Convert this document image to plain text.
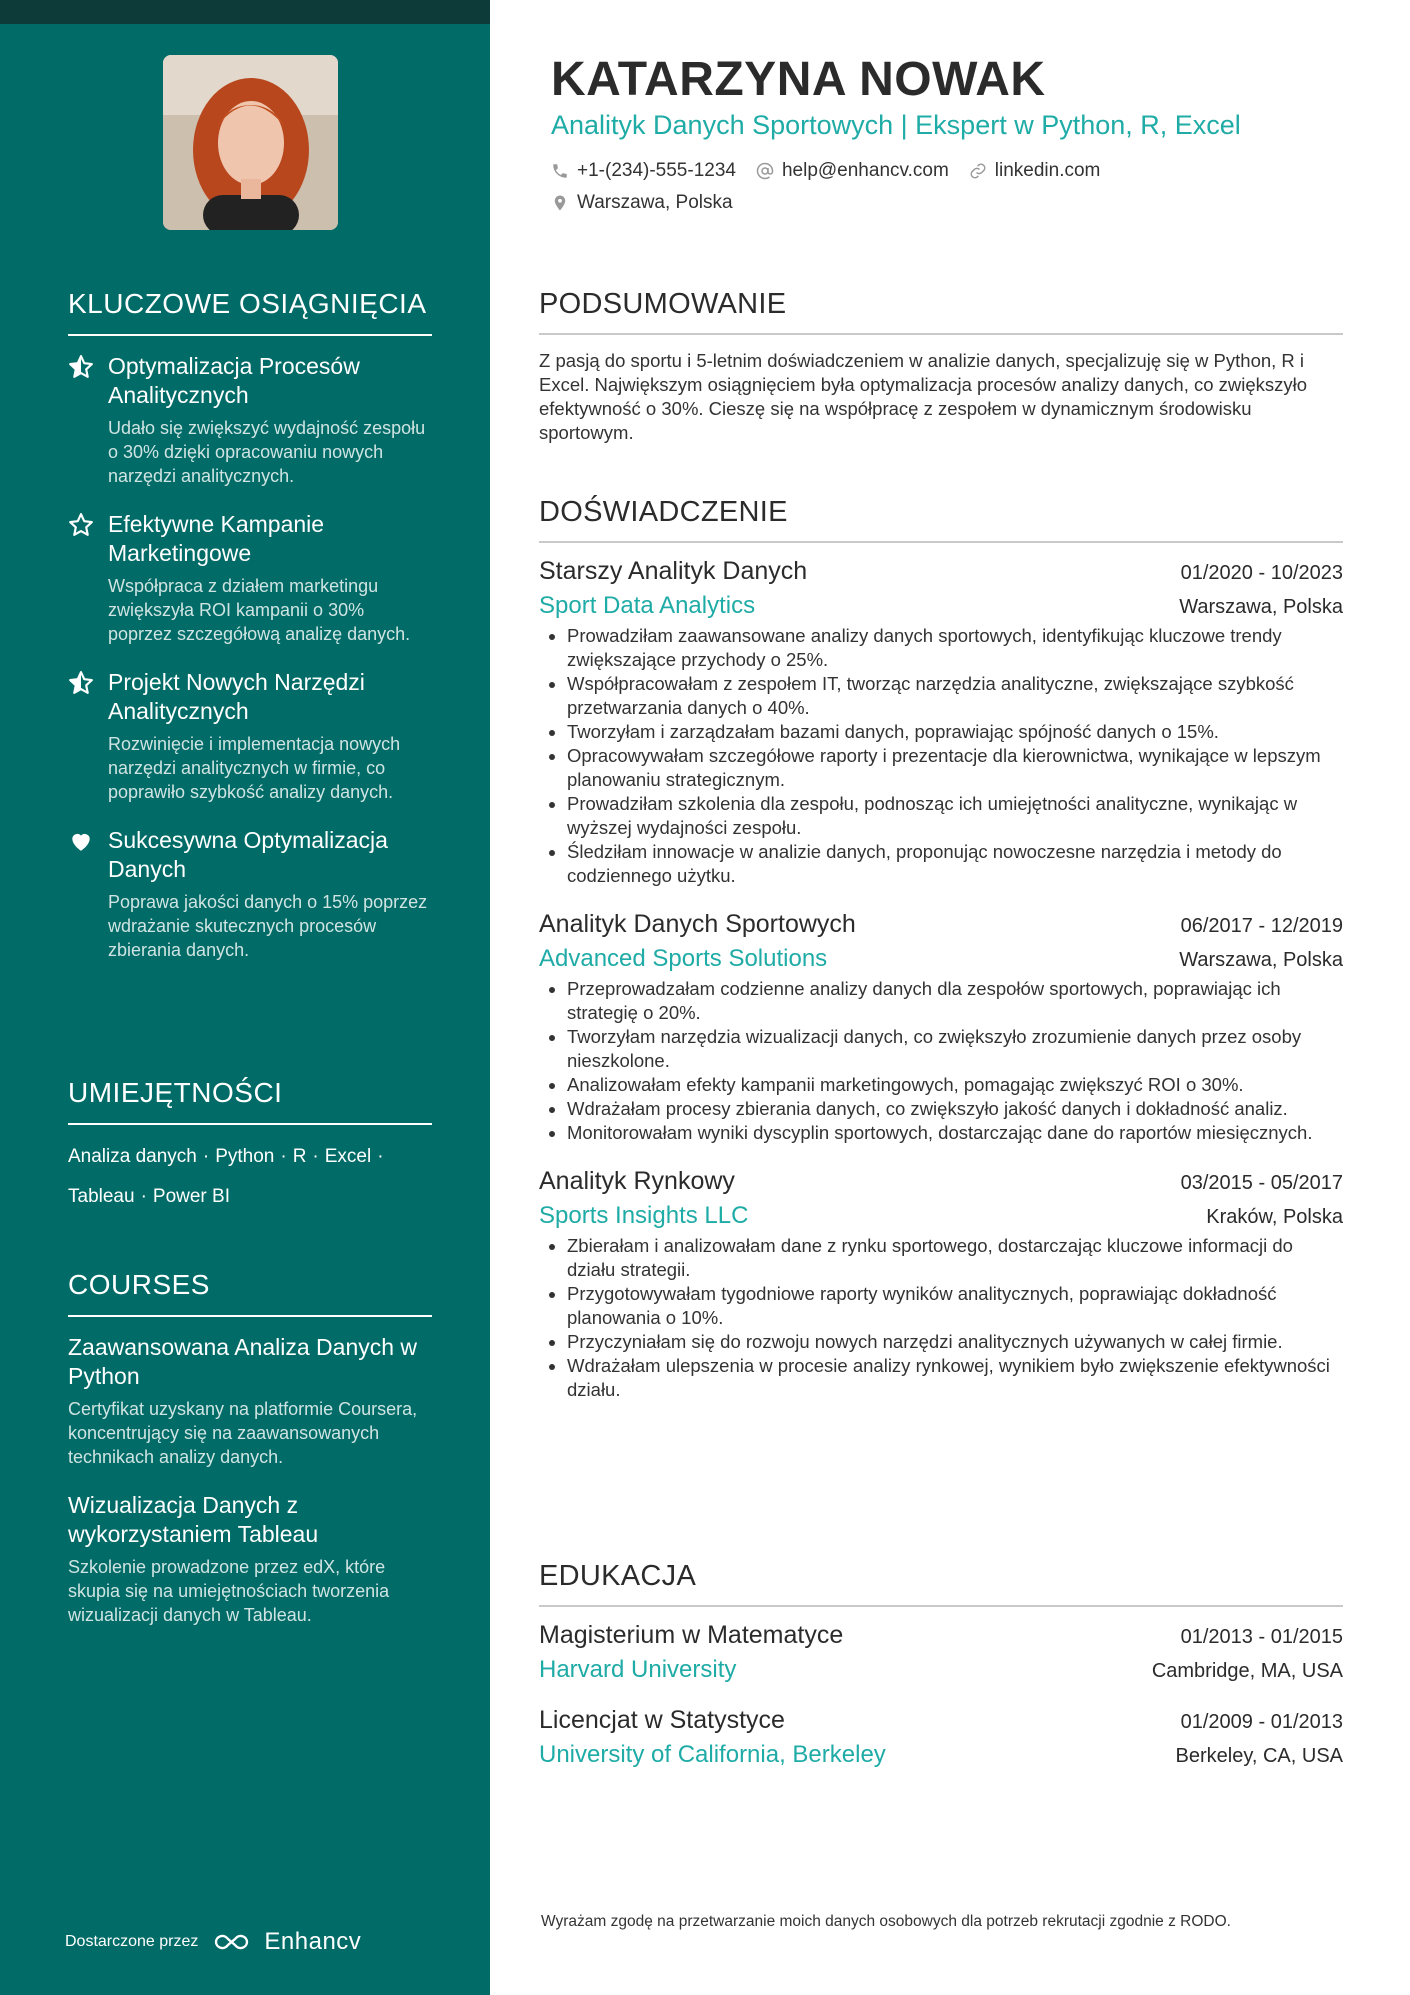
KLUCZOWE OSIĄGNIĘCIA
Optymalizacja Procesów Analitycznych
Udało się zwiększyć wydajność zespołu o 30% dzięki opracowaniu nowych narzędzi analitycznych.
Efektywne Kampanie Marketingowe
Współpraca z działem marketingu zwiększyła ROI kampanii o 30% poprzez szczegółową analizę danych.
Projekt Nowych Narzędzi Analitycznych
Rozwinięcie i implementacja nowych narzędzi analitycznych w firmie, co poprawiło szybkość analizy danych.
Sukcesywna Optymalizacja Danych
Poprawa jakości danych o 15% poprzez wdrażanie skutecznych procesów zbierania danych.
UMIEJĘTNOŚCI
Analiza danych · Python · R · Excel ·
Tableau · Power BI
COURSES
Zaawansowana Analiza Danych w Python
Certyfikat uzyskany na platformie Coursera, koncentrujący się na zaawansowanych technikach analizy danych.
Wizualizacja Danych z wykorzystaniem Tableau
Szkolenie prowadzone przez edX, które skupia się na umiejętnościach tworzenia wizualizacji danych w Tableau.
Dostarczone przez	Enhancv
KATARZYNA NOWAK
Analityk Danych Sportowych | Ekspert w Python, R, Excel
+1-(234)-555-1234 help@enhancv.com linkedin.com
Warszawa, Polska
PODSUMOWANIE
Z pasją do sportu i 5-letnim doświadczeniem w analizie danych, specjalizuję się w Python, R i Excel. Największym osiągnięciem była optymalizacja procesów analizy danych, co zwiększyło efektywność o 30%. Cieszę się na współpracę z zespołem w dynamicznym środowisku sportowym.
DOŚWIADCZENIE
Starszy Analityk Danych	01/2020 - 10/2023
Sport Data Analytics	Warszawa, Polska
• Prowadziłam zaawansowane analizy danych sportowych, identyfikując kluczowe trendy zwiększające przychody o 25%.
• Współpracowałam z zespołem IT, tworząc narzędzia analityczne, zwiększające szybkość przetwarzania danych o 40%.
• Tworzyłam i zarządzałam bazami danych, poprawiając spójność danych o 15%.
• Opracowywałam szczegółowe raporty i prezentacje dla kierownictwa, wynikające w lepszym planowaniu strategicznym.
• Prowadziłam szkolenia dla zespołu, podnosząc ich umiejętności analityczne, wynikając w wyższej wydajności zespołu.
• Śledziłam innowacje w analizie danych, proponując nowoczesne narzędzia i metody do codziennego użytku.
Analityk Danych Sportowych	06/2017 - 12/2019
Advanced Sports Solutions	Warszawa, Polska
• Przeprowadzałam codzienne analizy danych dla zespołów sportowych, poprawiając ich strategię o 20%.
• Tworzyłam narzędzia wizualizacji danych, co zwiększyło zrozumienie danych przez osoby nieszkolone.
• Analizowałam efekty kampanii marketingowych, pomagając zwiększyć ROI o 30%.
• Wdrażałam procesy zbierania danych, co zwiększyło jakość danych i dokładność analiz.
• Monitorowałam wyniki dyscyplin sportowych, dostarczając dane do raportów miesięcznych.
Analityk Rynkowy	03/2015 - 05/2017
Sports Insights LLC	Kraków, Polska
• Zbierałam i analizowałam dane z rynku sportowego, dostarczając kluczowe informacji do działu strategii.
• Przygotowywałam tygodniowe raporty wyników analitycznych, poprawiając dokładność planowania o 10%.
• Przyczyniałam się do rozwoju nowych narzędzi analitycznych używanych w całej firmie.
• Wdrażałam ulepszenia w procesie analizy rynkowej, wynikiem było zwiększenie efektywności działu.
EDUKACJA
Magisterium w Matematyce	01/2013 - 01/2015
Harvard University	Cambridge, MA, USA
Licencjat w Statystyce	01/2009 - 01/2013
University of California, Berkeley	Berkeley, CA, USA
Wyrażam zgodę na przetwarzanie moich danych osobowych dla potrzeb rekrutacji zgodnie z RODO.
